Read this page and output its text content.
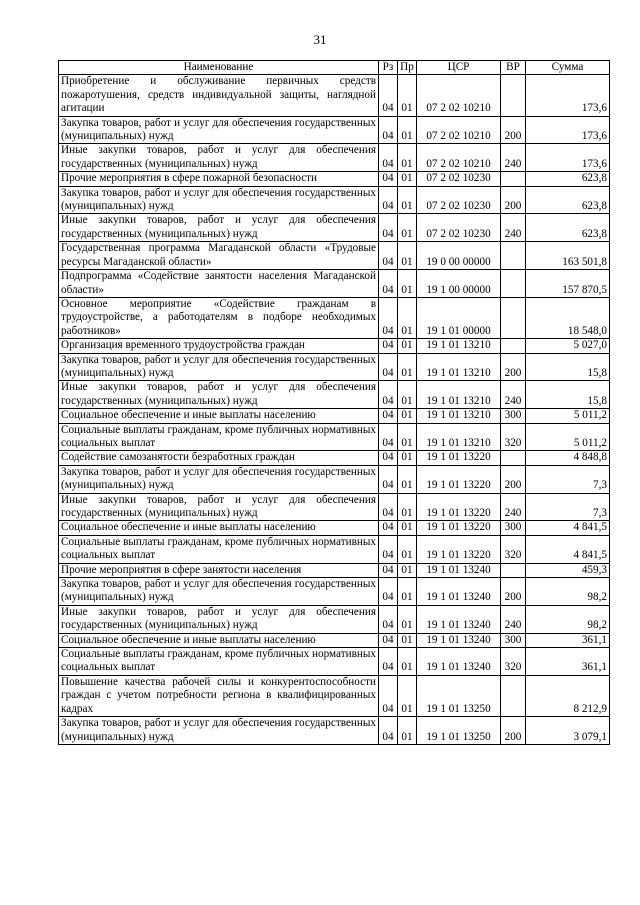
31
Наименование	Рз	Пр	ЦСР	ВР	Сумма
Приобретение и обслуживание первичных средств пожаротушения, средств индивидуальной защиты, наглядной агитации	04	01	07 2 02 10210		173,6
Закупка товаров, работ и услуг для обеспечения государственных (муниципальных) нужд	04	01	07 2 02 10210	200	173,6
Иные закупки товаров, работ и услуг для обеспечения государственных (муниципальных) нужд	04	01	07 2 02 10210	240	173,6
Прочие мероприятия в сфере пожарной безопасности	04	01	07 2 02 10230		623,8
Закупка товаров, работ и услуг для обеспечения государственных (муниципальных) нужд	04	01	07 2 02 10230	200	623,8
Иные закупки товаров, работ и услуг для обеспечения государственных (муниципальных) нужд	04	01	07 2 02 10230	240	623,8
Государственная программа Магаданской области «Трудовые ресурсы Магаданской области»	04	01	19 0 00 00000		163 501,8
Подпрограмма «Содействие занятости населения Магаданской области»	04	01	19 1 00 00000		157 870,5
Основное мероприятие «Содействие гражданам в трудоустройстве, а работодателям в подборе необходимых работников»	04	01	19 1 01 00000		18 548,0
Организация временного трудоустройства граждан	04	01	19 1 01 13210		5 027,0
Закупка товаров, работ и услуг для обеспечения государственных (муниципальных) нужд	04	01	19 1 01 13210	200	15,8
Иные закупки товаров, работ и услуг для обеспечения государственных (муниципальных) нужд	04	01	19 1 01 13210	240	15,8
Социальное обеспечение и иные выплаты населению	04	01	19 1 01 13210	300	5 011,2
Социальные выплаты гражданам, кроме публичных нормативных социальных выплат	04	01	19 1 01 13210	320	5 011,2
Содействие самозанятости безработных граждан	04	01	19 1 01 13220		4 848,8
Закупка товаров, работ и услуг для обеспечения государственных (муниципальных) нужд	04	01	19 1 01 13220	200	7,3
Иные закупки товаров, работ и услуг для обеспечения государственных (муниципальных) нужд	04	01	19 1 01 13220	240	7,3
Социальное обеспечение и иные выплаты населению	04	01	19 1 01 13220	300	4 841,5
Социальные выплаты гражданам, кроме публичных нормативных социальных выплат	04	01	19 1 01 13220	320	4 841,5
Прочие мероприятия в сфере занятости населения	04	01	19 1 01 13240		459,3
Закупка товаров, работ и услуг для обеспечения государственных (муниципальных) нужд	04	01	19 1 01 13240	200	98,2
Иные закупки товаров, работ и услуг для обеспечения государственных (муниципальных) нужд	04	01	19 1 01 13240	240	98,2
Социальное обеспечение и иные выплаты населению	04	01	19 1 01 13240	300	361,1
Социальные выплаты гражданам, кроме публичных нормативных социальных выплат	04	01	19 1 01 13240	320	361,1
Повышение качества рабочей силы и конкурентоспособности граждан с учетом потребности региона в квалифицированных кадрах	04	01	19 1 01 13250		8 212,9
Закупка товаров, работ и услуг для обеспечения государственных (муниципальных) нужд	04	01	19 1 01 13250	200	3 079,1
